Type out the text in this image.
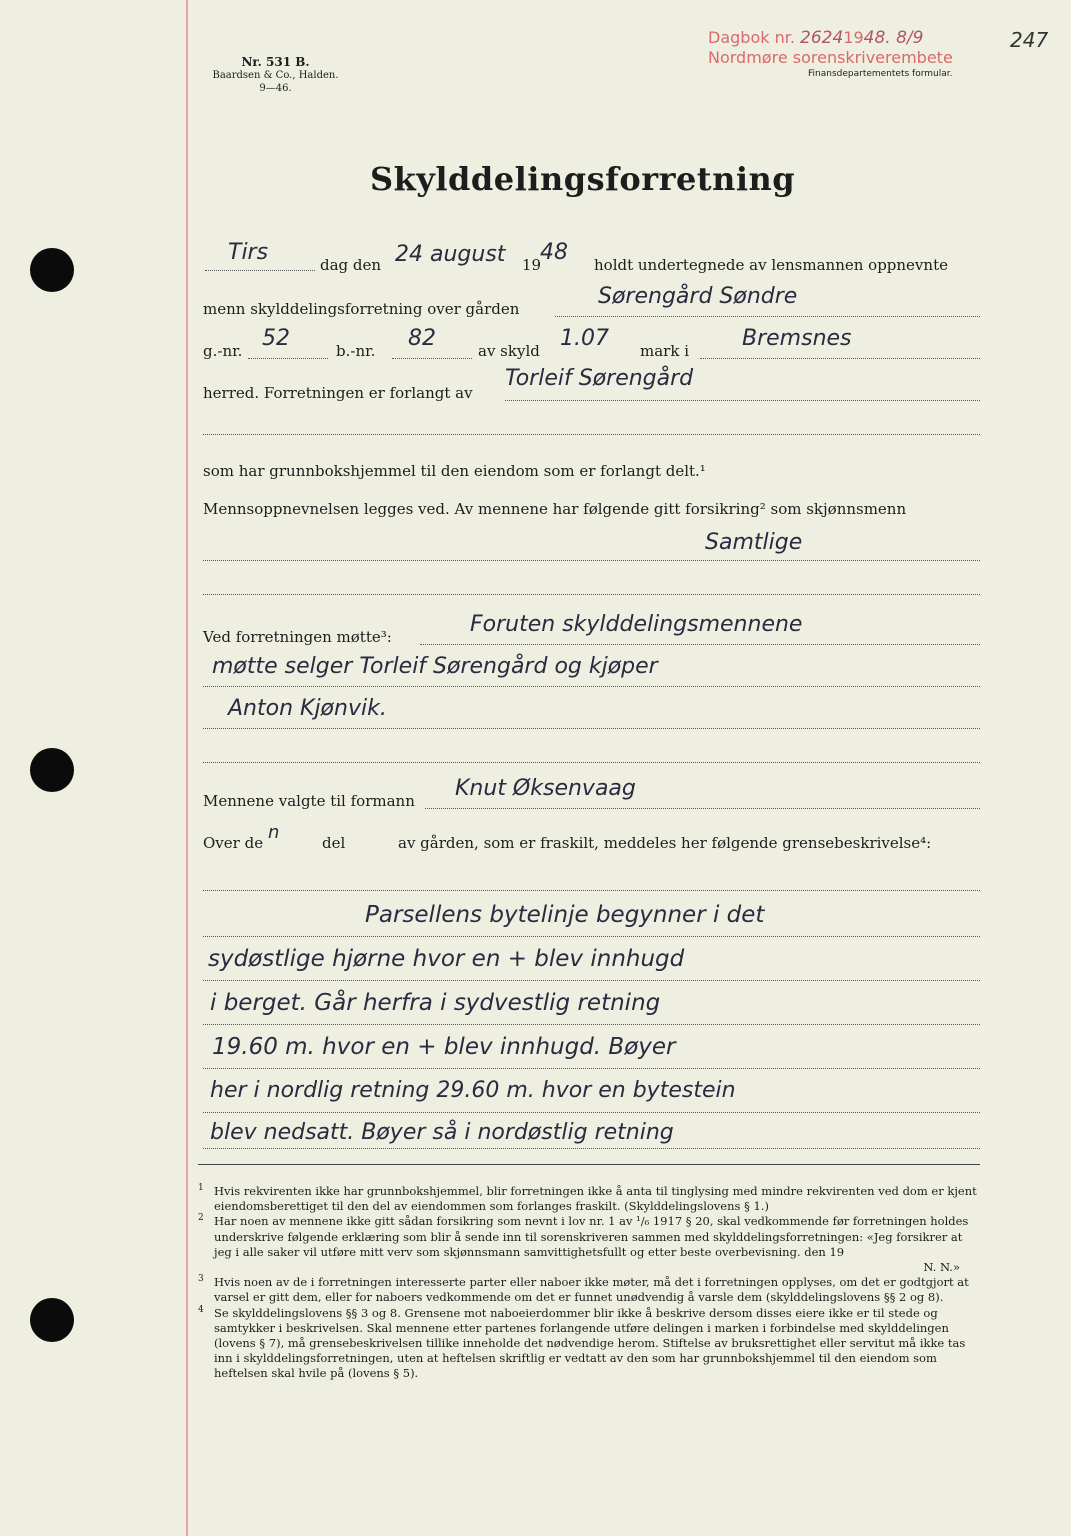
Nr. 531 B.
Baardsen & Co., Halden.
9—46.
Dagbok nr. 26241948. 8/9
Nordmøre sorenskriverembete
Finansdepartementets formular.
247
Skylddelingsforretning
Tirs	dag den 24 august 19
48 holdt undertegnede av lensmannen oppnevnte
menn skylddelingsforretning over gården	Sørengård Søndre
g.-nr. 52	b.-nr. 82	av skyld 1.07 mark i Bremsnes
herred. Forretningen er forlangt av
Torleif Sørengård
som har grunnbokshjemmel til den eiendom som er forlangt delt.¹
Mennsoppnevnelsen legges ved. Av mennene har følgende gitt forsikring² som skjønnsmenn
Samtlige
Ved forretningen møtte³:	Foruten skylddelingsmennene
møtte selger Torleif Sørengård og kjøper
Anton Kjønvik.
Mennene valgte til formann Knut Øksenvaag
Over de n	del	av gården, som er fraskilt, meddeles her følgende grensebeskrivelse⁴:
Parsellens bytelinje begynner i det
sydøstlige hjørne hvor en + blev innhugd
i berget. Går herfra i sydvestlig retning
19.60 m. hvor en + blev innhugd. Bøyer
her i nordlig retning 29.60 m. hvor en bytestein
blev nedsatt. Bøyer så i nordøstlig retning

1 Hvis rekvirenten ikke har grunnbokshjemmel, blir forretningen ikke å anta til tinglysing med mindre rekvirenten ved dom er kjent eiendomsberettiget til den del av eiendommen som forlanges fraskilt. (Skylddelingslovens § 1.)

2 Har noen av mennene ikke gitt sådan forsikring som nevnt i lov nr. 1 av ¹/₆ 1917 § 20, skal vedkommende før forretningen holdes underskrive følgende erklæring som blir å sende inn til sorenskriveren sammen med skylddelingsforretningen: «Jeg forsikrer at jeg i alle saker vil utføre mitt verv som skjønnsmann samvittighetsfullt og etter beste overbevisning. den 19

N. N.»

3 Hvis noen av de i forretningen interesserte parter eller naboer ikke møter, må det i forretningen opplyses, om det er godtgjort at varsel er gitt dem, eller for naboers vedkommende om det er funnet unødvendig å varsle dem (skylddelingslovens §§ 2 og 8).

4 Se skylddelingslovens §§ 3 og 8. Grensene mot naboeierdommer blir ikke å beskrive dersom disses eiere ikke er til stede og samtykker i beskrivelsen. Skal mennene etter partenes forlangende utføre delingen i marken i forbindelse med skylddelingen (lovens § 7), må grensebeskrivelsen tillike inneholde det nødvendige herom. Stiftelse av bruksrettighet eller servitut må ikke tas inn i skylddelingsforretningen, uten at heftelsen skriftlig er vedtatt av den som har grunnbokshjemmel til den eiendom som heftelsen skal hvile på (lovens § 5).
